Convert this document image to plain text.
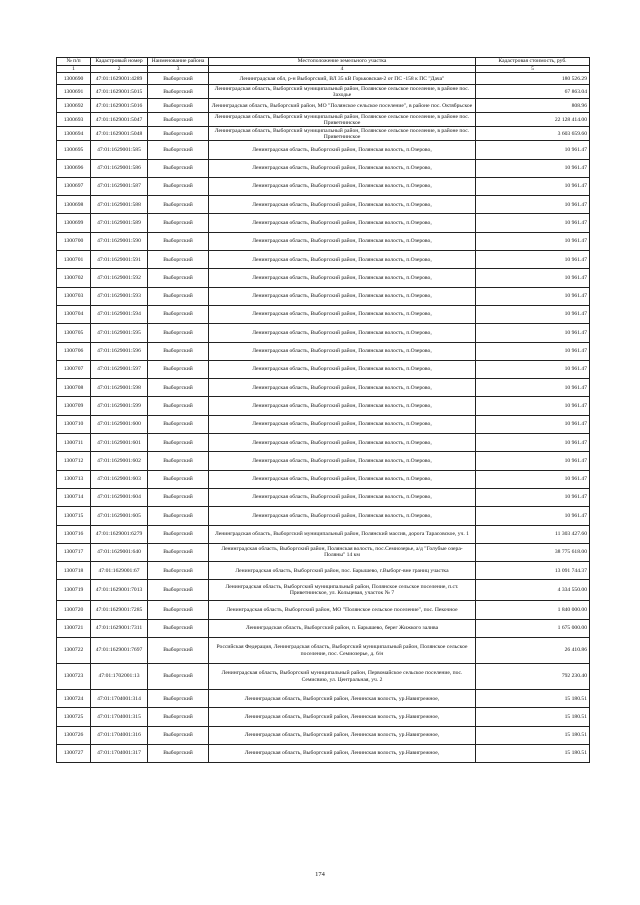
№ п/п	Кадастровый номер	Наименование района	Местоположение земельного участка	Кадастровая стоимость, руб.
1	2	3	4	5
1300690	47:01:1629001:4289	Выборгский	Ленинградская обл, р-н Выборгский, ВЛ 35 кВ Горьковская-2 от ПС -158 к ПС "Дача"	180 526.29
1300691	47:01:1629001:5015	Выборгский	Ленинградская область, Выборгский муниципальный район, Полянское сельское поселение, в районе пос. Заходье	67 863.04
1300692	47:01:1629001:5016	Выборгский	Ленинградская область, Выборгский район, МО "Полянское сельское поселение", в районе пос. Октябрьское	808.96
1300693	47:01:1629001:5047	Выборгский	Ленинградская область, Выборгский муниципальный район, Полянское сельское поселение, в районе пос. Приветнинское	22 128 414.00
1300694	47:01:1629001:5048	Выборгский	Ленинградская область, Выборгский муниципальный район, Полянское сельское поселение, в районе пос. Приветнинское	3 603 659.60
1300695	47:01:1629001:585	Выборгский	Ленинградская область, Выборгский район, Полянская волость, п.Озерово,	10 961.47
1300696	47:01:1629001:586	Выборгский	Ленинградская область, Выборгский район, Полянская волость, п.Озерово,	10 961.47
1300697	47:01:1629001:587	Выборгский	Ленинградская область, Выборгский район, Полянская волость, п.Озерово,	10 961.47
1300698	47:01:1629001:588	Выборгский	Ленинградская область, Выборгский район, Полянская волость, п.Озерово,	10 961.47
1300699	47:01:1629001:589	Выборгский	Ленинградская область, Выборгский район, Полянская волость, п.Озерово,	10 961.47
1300700	47:01:1629001:590	Выборгский	Ленинградская область, Выборгский район, Полянская волость, п.Озерово,	10 961.47
1300701	47:01:1629001:591	Выборгский	Ленинградская область, Выборгский район, Полянская волость, п.Озерово,	10 961.47
1300702	47:01:1629001:592	Выборгский	Ленинградская область, Выборгский район, Полянская волость, п.Озерово,	10 961.47
1300703	47:01:1629001:593	Выборгский	Ленинградская область, Выборгский район, Полянская волость, п.Озерово,	10 961.47
1300704	47:01:1629001:594	Выборгский	Ленинградская область, Выборгский район, Полянская волость, п.Озерово,	10 961.47
1300705	47:01:1629001:595	Выборгский	Ленинградская область, Выборгский район, Полянская волость, п.Озерово,	10 961.47
1300706	47:01:1629001:596	Выборгский	Ленинградская область, Выборгский район, Полянская волость, п.Озерово,	10 961.47
1300707	47:01:1629001:597	Выборгский	Ленинградская область, Выборгский район, Полянская волость, п.Озерово,	10 961.47
1300708	47:01:1629001:598	Выборгский	Ленинградская область, Выборгский район, Полянская волость, п.Озерово,	10 961.47
1300709	47:01:1629001:599	Выборгский	Ленинградская область, Выборгский район, Полянская волость, п.Озерово,	10 961.47
1300710	47:01:1629001:600	Выборгский	Ленинградская область, Выборгский район, Полянская волость, п.Озерово,	10 961.47
1300711	47:01:1629001:601	Выборгский	Ленинградская область, Выборгский район, Полянская волость, п.Озерово,	10 961.47
1300712	47:01:1629001:602	Выборгский	Ленинградская область, Выборгский район, Полянская волость, п.Озерово,	10 961.47
1300713	47:01:1629001:603	Выборгский	Ленинградская область, Выборгский район, Полянская волость, п.Озерово,	10 961.47
1300714	47:01:1629001:604	Выборгский	Ленинградская область, Выборгский район, Полянская волость, п.Озерово,	10 961.47
1300715	47:01:1629001:605	Выборгский	Ленинградская область, Выборгский район, Полянская волость, п.Озерово,	10 961.47
1300716	47:01:1629001:6279	Выборгский	Ленинградская область, Выборгский муниципальный район, Полянский массив, дорога Тарасовское, уч. 1	11 303 427.60
1300717	47:01:1629001:640	Выборгский	Ленинградская область, Выборгский район, Полянская волость, пос.Семиозерье, а/д "Голубые озера-Поляны" 14 км	38 775 618.00
1300718	47:01:1629001:67	Выборгский	Ленинградская область, Выборгский район, пос. Барышево, г.Выборг-вне границ участка	13 091 744.37
1300719	47:01:1629001:7013	Выборгский	Ленинградская область, Выборгский муниципальный район, Полянское сельское поселение, п.ст. Приветнинское, ул. Кольцевая, участок № 7	4 334 550.00
1300720	47:01:1629001:7285	Выборгский	Ленинградская область, Выборгский район, МО "Полянское сельское поселение", пос. Пекочное	1 840 000.00
1300721	47:01:1629001:7311	Выборгский	Ленинградская область, Выборгский район, п. Барышево, берег Жижкого залива	1 675 000.00
1300722	47:01:1629001:7697	Выборгский	Российская Федерация, Ленинградская область, Выборгский муниципальный район, Полянское сельское поселение, пос. Семиозерье, д. 6/н	26 410.86
1300723	47:01:1702001:13	Выборгский	Ленинградская область, Выборгский муниципальный район, Первомайское сельское поселение, пос. Семисвию, ул. Центральная, уч. 2	792 230.40
1300724	47:01:1704001:314	Выборгский	Ленинградская область, Выборгский район, Ленинская волость, ур.Навигрежное,	15 180.51
1300725	47:01:1704001:315	Выборгский	Ленинградская область, Выборгский район, Ленинская волость, ур.Навигрежное,	15 180.51
1300726	47:01:1704001:316	Выборгский	Ленинградская область, Выборгский район, Ленинская волость, ур.Навигрежное,	15 180.51
1300727	47:01:1704001:317	Выборгский	Ленинградская область, Выборгский район, Ленинская волость, ур.Навигрежное,	15 180.51
174
